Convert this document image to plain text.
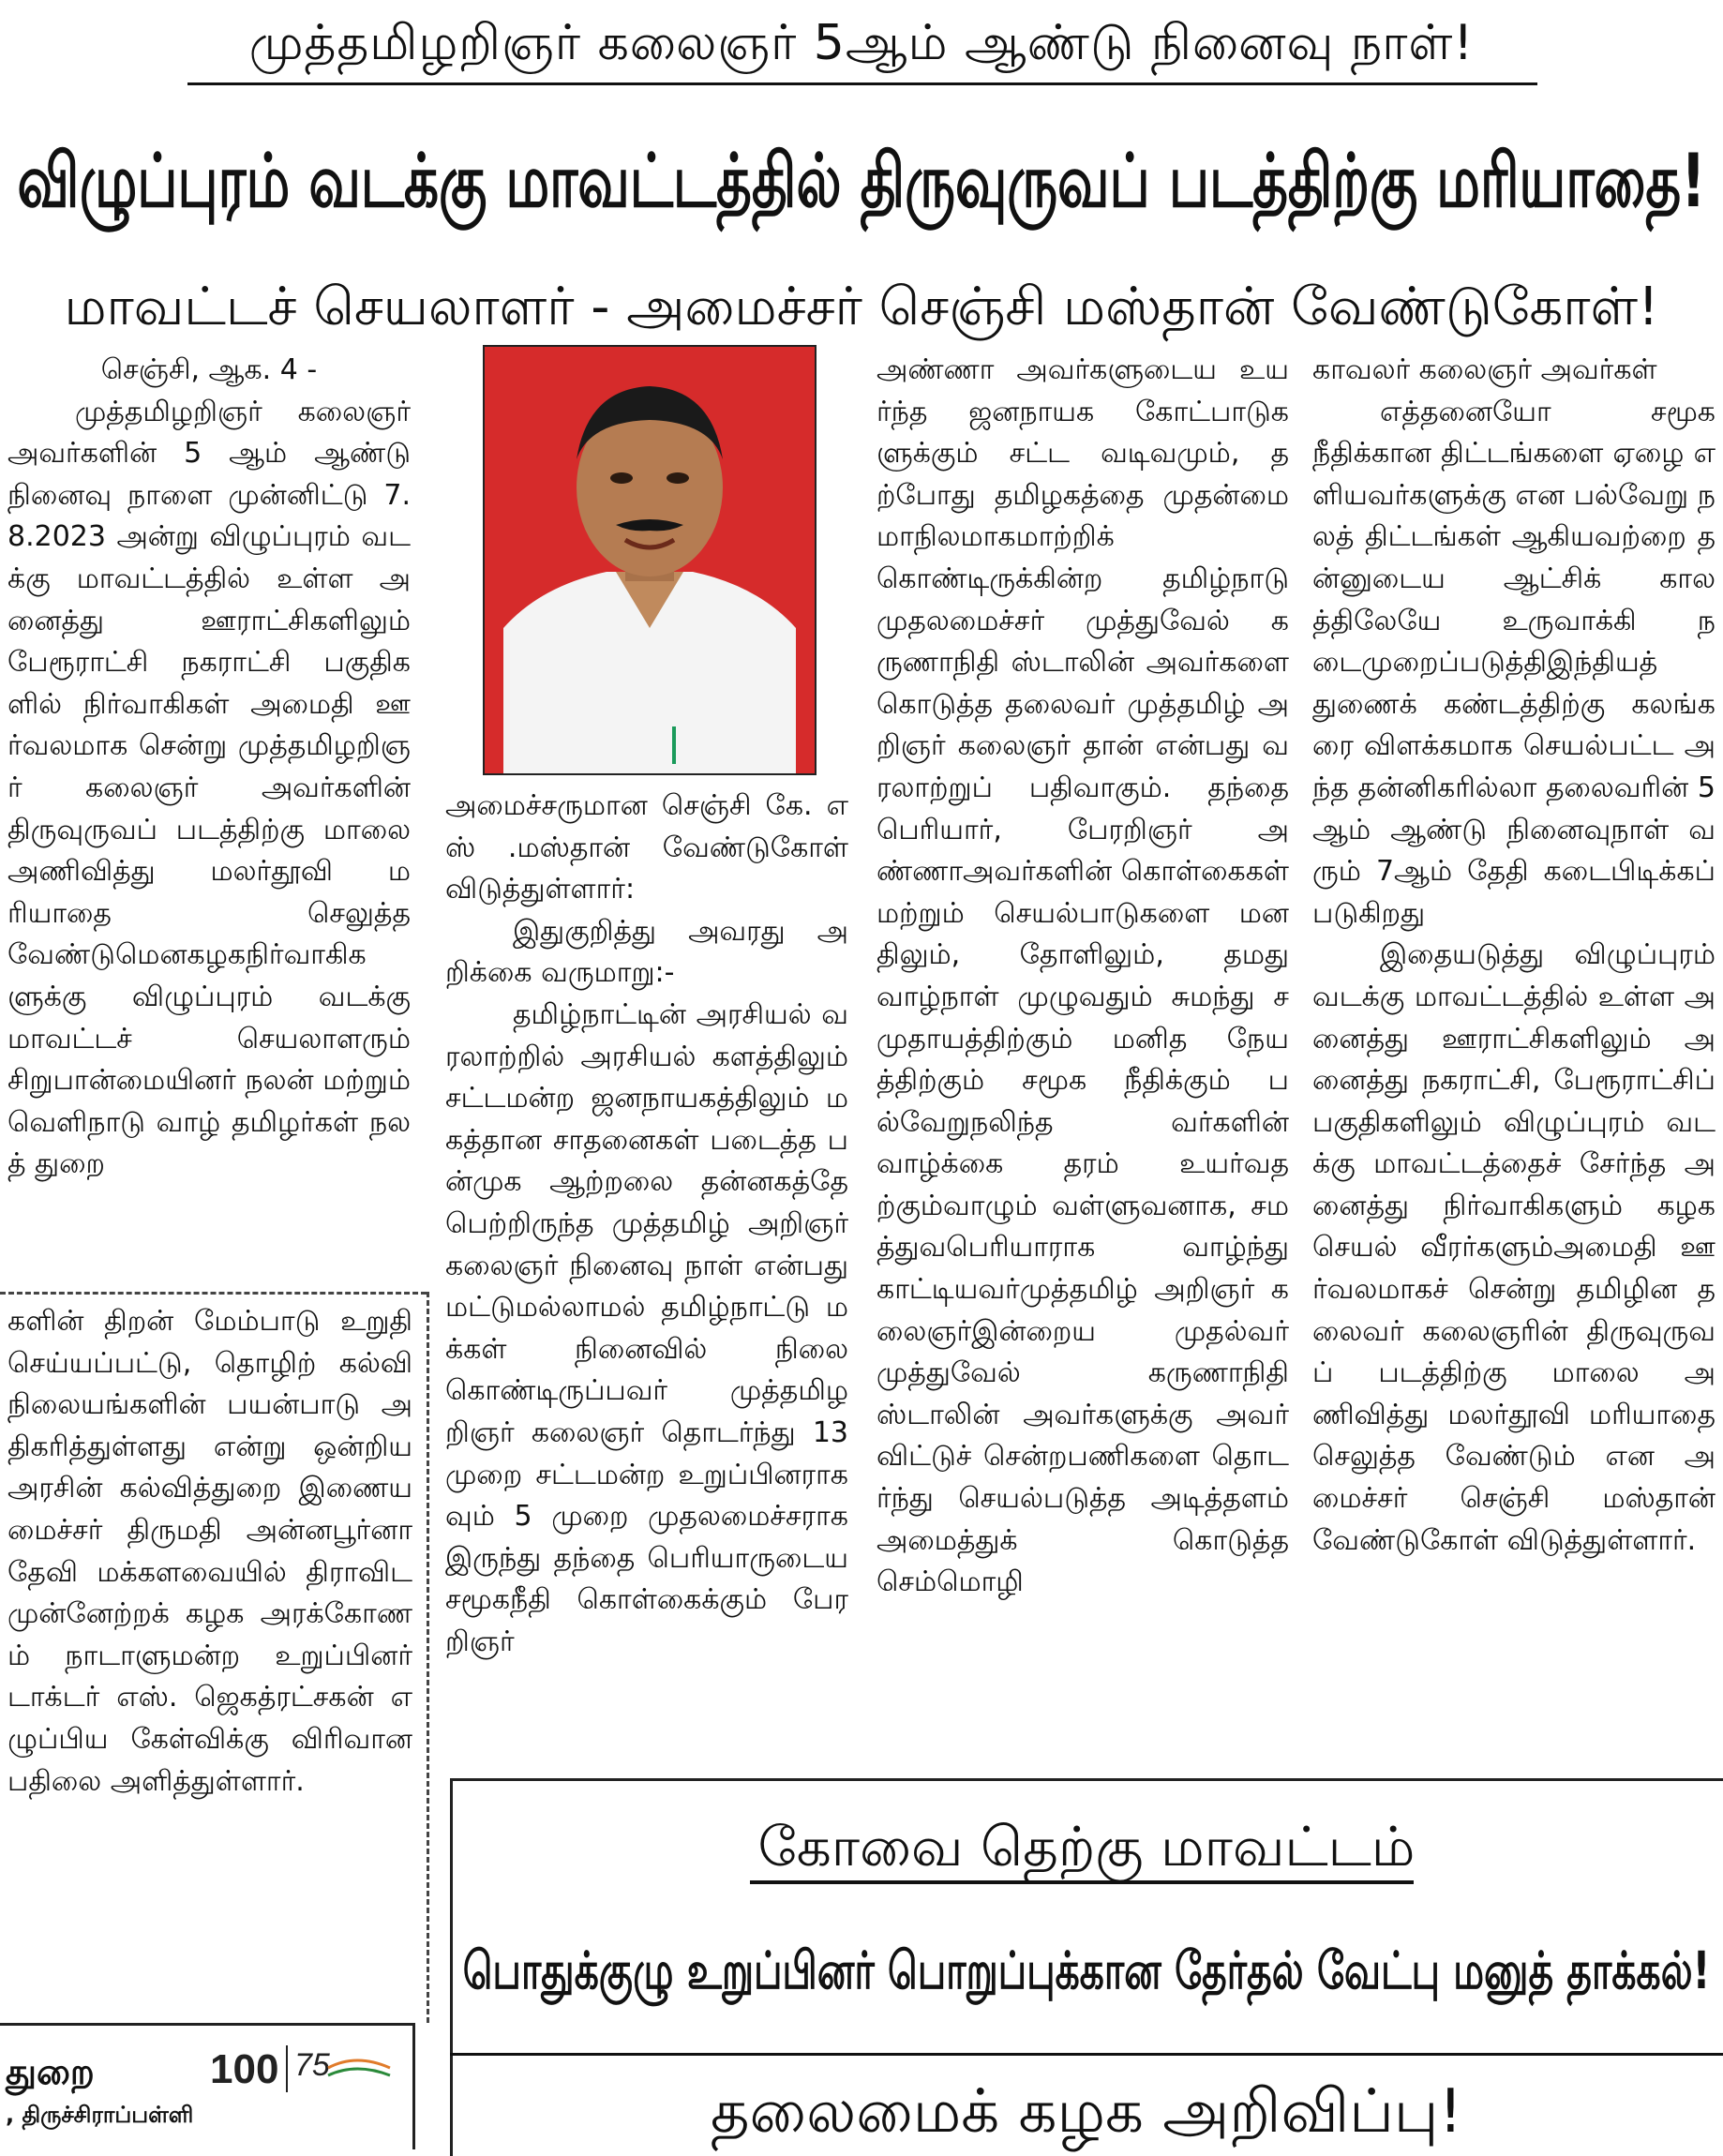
முத்தமிழறிஞர் கலைஞர் 5ஆம் ஆண்டு நினைவு நாள்!
விழுப்புரம் வடக்கு மாவட்டத்தில் திருவுருவப் படத்திற்கு மரியாதை!
மாவட்டச் செயலாளர் - அமைச்சர் செஞ்சி மஸ்தான் வேண்டுகோள்!

செஞ்சி, ஆக. 4 -

முத்தமிழறிஞர் கலைஞர் அவர்களின் 5 ஆம் ஆண்டு நினைவு நாளை முன்னிட்டு 7.8.2023 அன்று விழுப்புரம் வடக்கு மாவட்டத்தில் உள்ள அனைத்து ஊராட்சிகளிலும் பேரூராட்சி நகராட்சி பகுதிகளில் நிர்வாகிகள் அமைதி ஊர்வலமாக சென்று முத்தமிழறிஞர் கலைஞர் அவர்களின் திருவுருவப் படத்திற்கு மாலை அணிவித்து மலர்தூவி மரியாதை செலுத்த வேண்டுமெனகழகநிர்வாகிகளுக்கு விழுப்புரம் வடக்கு மாவட்டச் செயலாளரும் சிறுபான்மையினர் நலன் மற்றும் வெளிநாடு வாழ் தமிழர்கள் நலத் துறை

களின் திறன் மேம்பாடு உறுதி செய்யப்பட்டு, தொழிற் கல்வி நிலையங்களின் பயன்பாடு அதிகரித்துள்ளது என்று ஒன்றிய அரசின் கல்வித்துறை இணையமைச்சர் திருமதி அன்னபூர்னா தேவி மக்களவையில் திராவிட முன்னேற்றக் கழக அரக்கோணம் நாடாளுமன்ற உறுப்பினர் டாக்டர் எஸ். ஜெகத்ரட்சகன் எழுப்பிய கேள்விக்கு விரிவான பதிலை அளித்துள்ளார்.

அமைச்சருமான செஞ்சி கே. எஸ் .மஸ்தான் வேண்டுகோள் விடுத்துள்ளார்:

இதுகுறித்து அவரது அறிக்கை வருமாறு:-

தமிழ்நாட்டின் அரசியல் வரலாற்றில் அரசியல் களத்திலும் சட்டமன்ற ஜனநாயகத்திலும் மகத்தான சாதனைகள் படைத்த பன்முக ஆற்றலை தன்னகத்தே பெற்றிருந்த முத்தமிழ் அறிஞர் கலைஞர் நினைவு நாள் என்பது மட்டுமல்லாமல் தமிழ்நாட்டு மக்கள் நினைவில் நிலை கொண்டிருப்பவர் முத்தமிழறிஞர் கலைஞர் தொடர்ந்து 13 முறை சட்டமன்ற உறுப்பினராகவும் 5 முறை முதலமைச்சராக இருந்து தந்தை பெரியாருடைய சமூகநீதி கொள்கைக்கும் பேரறிஞர்

அண்ணா அவர்களுடைய உயர்ந்த ஜனநாயக கோட்பாடுகளுக்கும் சட்ட வடிவமும், தற்போது தமிழகத்தை முதன்மை மாநிலமாகமாற்றிக் கொண்டிருக்கின்ற தமிழ்நாடு முதலமைச்சர் முத்துவேல் கருணாநிதி ஸ்டாலின் அவர்களை கொடுத்த தலைவர் முத்தமிழ் அறிஞர் கலைஞர் தான் என்பது வரலாற்றுப் பதிவாகும். தந்தை பெரியார், பேரறிஞர் அண்ணாஅவர்களின் கொள்கைகள் மற்றும் செயல்பாடுகளை மனதிலும், தோளிலும், தமது வாழ்நாள் முழுவதும் சுமந்து சமுதாயத்திற்கும் மனித நேயத்திற்கும் சமூக நீதிக்கும் பல்வேறுநலிந்த வர்களின் வாழ்க்கை தரம் உயர்வதற்கும்வாழும் வள்ளுவனாக, சமத்துவபெரியாராக வாழ்ந்து காட்டியவர்முத்தமிழ் அறிஞர் கலைஞர்இன்றைய முதல்வர் முத்துவேல் கருணாநிதி ஸ்டாலின் அவர்களுக்கு அவர் விட்டுச் சென்றபணிகளை தொடர்ந்து செயல்படுத்த அடித்தளம் அமைத்துக் கொடுத்த செம்மொழி

காவலர் கலைஞர் அவர்கள்

எத்தனையோ சமூகநீதிக்கான திட்டங்களை ஏழை எளியவர்களுக்கு என பல்வேறு நலத் திட்டங்கள் ஆகியவற்றை தன்னுடைய ஆட்சிக் காலத்திலேயே உருவாக்கி நடைமுறைப்படுத்திஇந்தியத் துணைக் கண்டத்திற்கு கலங்கரை விளக்கமாக செயல்பட்ட அந்த தன்னிகரில்லா தலைவரின் 5ஆம் ஆண்டு நினைவுநாள் வரும் 7ஆம் தேதி கடைபிடிக்கப் படுகிறது

இதையடுத்து விழுப்புரம் வடக்கு மாவட்டத்தில் உள்ள அனைத்து ஊராட்சிகளிலும் அனைத்து நகராட்சி, பேரூராட்சிப் பகுதிகளிலும் விழுப்புரம் வடக்கு மாவட்டத்தைச் சேர்ந்த அனைத்து நிர்வாகிகளும் கழக செயல் வீரர்களும்அமைதி ஊர்வலமாகச் சென்று தமிழின தலைவர் கலைஞரின் திருவுருவப் படத்திற்கு மாலை அணிவித்து மலர்தூவி மரியாதை செலுத்த வேண்டும் என அமைச்சர் செஞ்சி மஸ்தான் வேண்டுகோள் விடுத்துள்ளார்.

கோவை தெற்கு மாவட்டம்
பொதுக்குழு உறுப்பினர் பொறுப்புக்கான தேர்தல் வேட்பு மனுத் தாக்கல்!
தலைமைக் கழக அறிவிப்பு!
துறை
, திருச்சிராப்பள்ளி
100 75
